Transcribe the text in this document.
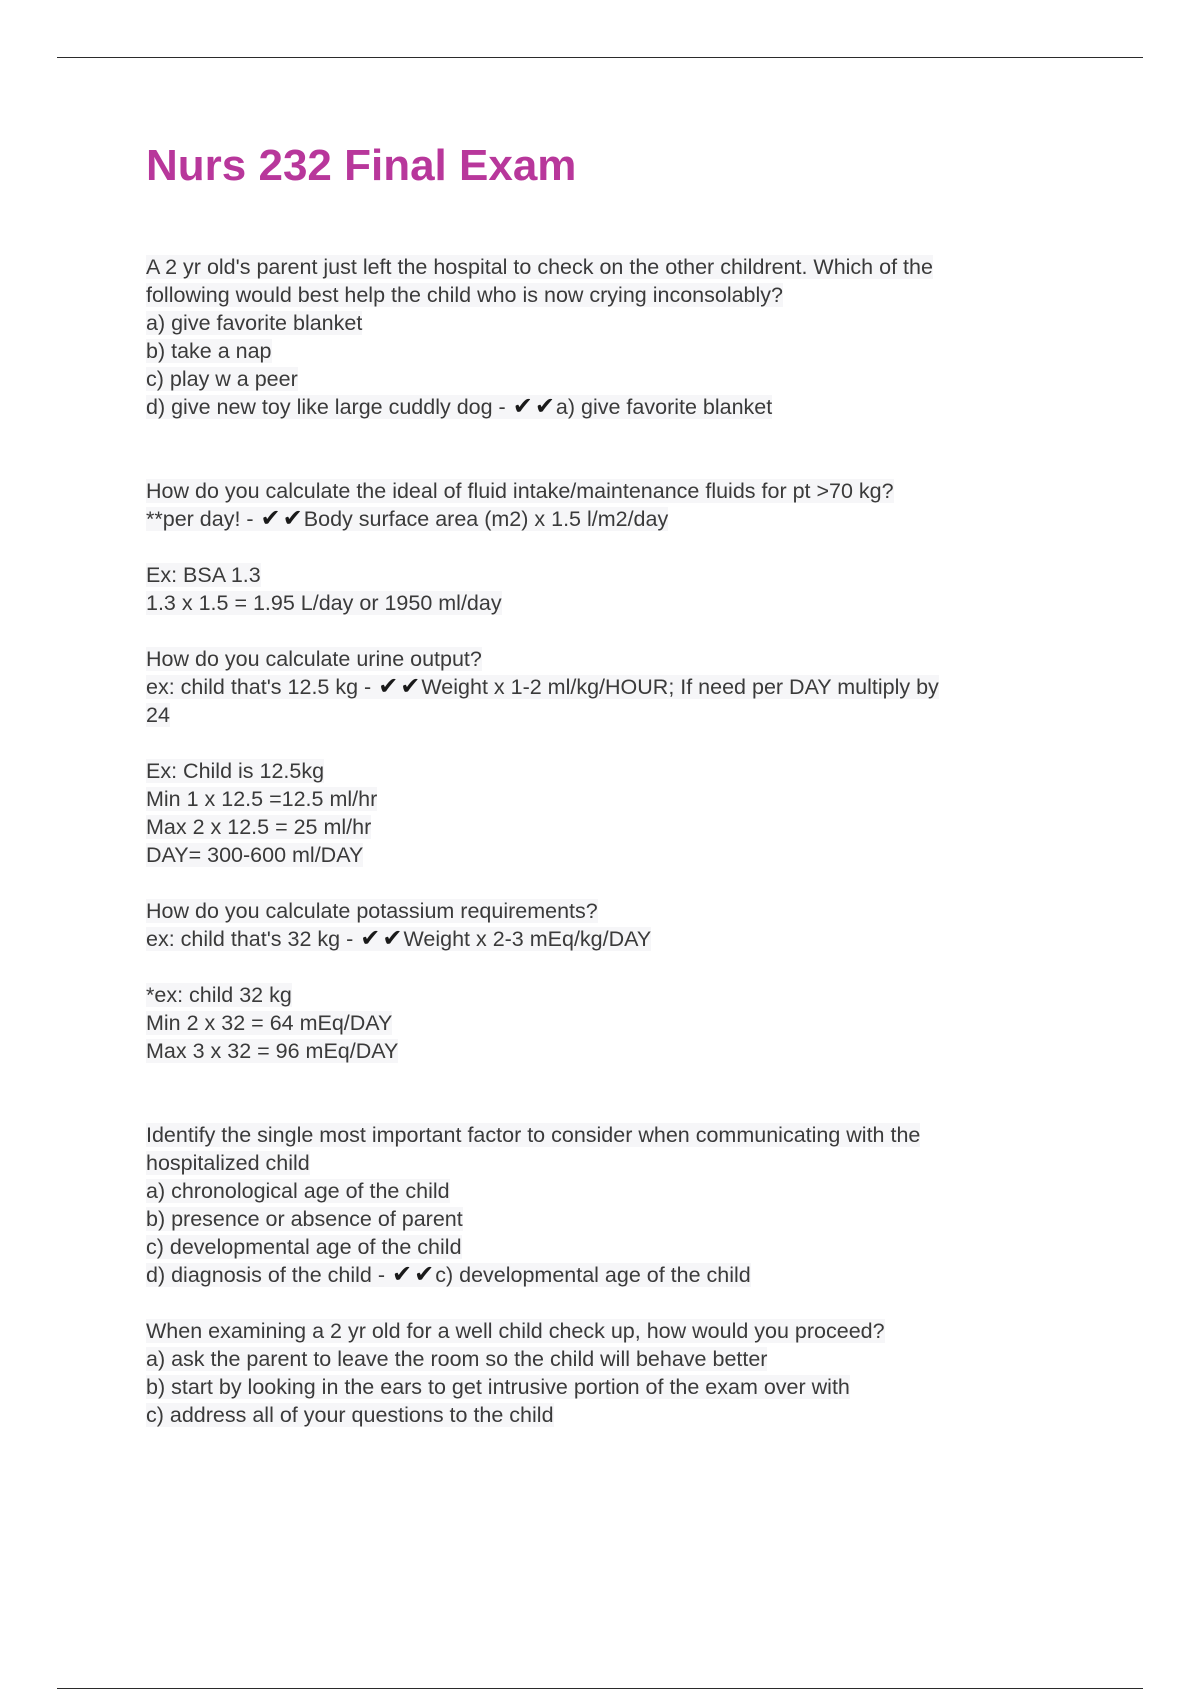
Nurs 232 Final Exam
A 2 yr old's parent just left the hospital to check on the other childrent. Which of the
following would best help the child who is now crying inconsolably?
a) give favorite blanket
b) take a nap
c) play w a peer
d) give new toy like large cuddly dog - ✔✔a) give favorite blanket
How do you calculate the ideal of fluid intake/maintenance fluids for pt >70 kg?
**per day! - ✔✔Body surface area (m2) x 1.5 l/m2/day
Ex: BSA 1.3
1.3 x 1.5 = 1.95 L/day or 1950 ml/day
How do you calculate urine output?
ex: child that's 12.5 kg - ✔✔Weight x 1-2 ml/kg/HOUR; If need per DAY multiply by
24
Ex: Child is 12.5kg
Min 1 x 12.5 =12.5 ml/hr
Max 2 x 12.5 = 25 ml/hr
DAY= 300-600 ml/DAY
How do you calculate potassium requirements?
ex: child that's 32 kg - ✔✔Weight x 2-3 mEq/kg/DAY
*ex: child 32 kg
Min 2 x 32 = 64 mEq/DAY
Max 3 x 32 = 96 mEq/DAY
Identify the single most important factor to consider when communicating with the
hospitalized child
a) chronological age of the child
b) presence or absence of parent
c) developmental age of the child
d) diagnosis of the child - ✔✔c) developmental age of the child
When examining a 2 yr old for a well child check up, how would you proceed?
a) ask the parent to leave the room so the child will behave better
b) start by looking in the ears to get intrusive portion of the exam over with
c) address all of your questions to the child
